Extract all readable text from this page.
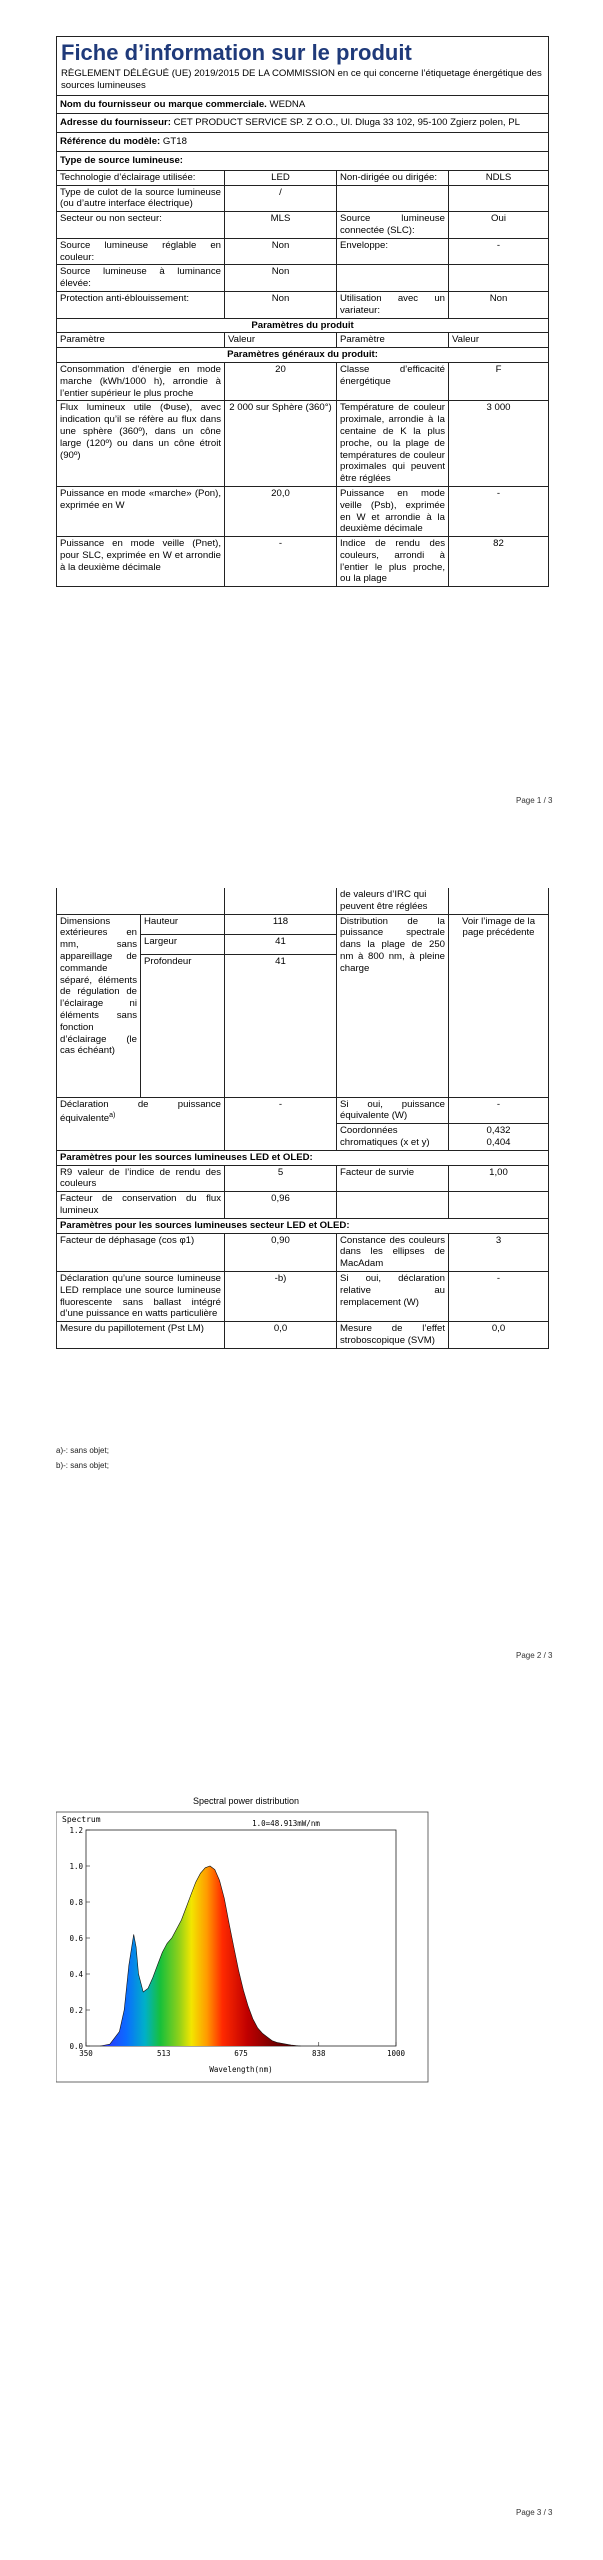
Fiche d’information sur le produit
RÈGLEMENT DÉLÉGUÉ (UE) 2019/2015 DE LA COMMISSION en ce qui concerne l’étiquetage énergétique des sources lumineuses			

Nom du fournisseur ou marque commerciale. WEDNA			
Adresse du fournisseur: CET PRODUCT SERVICE SP. Z O.O., Ul. Dluga 33 102, 95-100 Zgierz polen, PL			
Référence du modèle: GT18			
Type de source lumineuse:			
Technologie d’éclairage utilisée:	LED	Non-dirigée ou dirigée:	NDLS
Type de culot de la source lumineuse (ou d’autre interface électrique)	/		
Secteur ou non secteur:	MLS	Source lumineuse connectée (SLC):	Oui
Source lumineuse réglable en couleur:	Non	Enveloppe:	-
Source lumineuse à luminance élevée:	Non		
Protection anti-éblouissement:	Non	Utilisation avec un variateur:	Non
Paramètres du produit			
Paramètre	Valeur	Paramètre	Valeur
Paramètres généraux du produit:			
Consommation d’énergie en mode marche (kWh/1000 h), arrondie à l’entier supérieur le plus proche	20	Classe d’efficacité énergétique	F
Flux lumineux utile (Φuse), avec indication qu’il se réfère au flux dans une sphère (360º), dans un cône large (120º) ou dans un cône étroit (90º)	2 000 sur Sphère (360°)	Température de couleur proximale, arrondie à la centaine de K la plus proche, ou la plage de températures de couleur proximales qui peuvent être réglées	3 000
Puissance en mode «marche» (Pon), exprimée en W	20,0	Puissance en mode veille (Psb), exprimée en W et arrondie à la deuxième décimale	-
Puissance en mode veille (Pnet), pour SLC, exprimée en W et arrondie à la deuxième décimale	-	Indice de rendu des couleurs, arrondi à l’entier le plus proche, ou la plage	82
Page 1 / 3
			de valeurs d’IRC qui peuvent être réglées	
Dimensions extérieures en mm, sans appareillage de commande séparé, éléments de régulation de l’éclairage ni éléments sans fonction d’éclairage (le cas échéant)	Hauteur	118	Distribution de la puissance spectrale dans la plage de 250 nm à 800 nm, à pleine charge	Voir l’image de la page précédente
	Largeur	41		
	Profondeur	41		
Déclaration de puissance équivalente$^{a)}$		-	Si oui, puissance équivalente (W)	-
			Coordonnées chromatiques (x et y)	0,432
0,404

Paramètres pour les sources lumineuses LED et OLED:				
R9 valeur de l’indice de rendu des couleurs		5	Facteur de survie	1,00
Facteur de conservation du flux lumineux		0,96		
Paramètres pour les sources lumineuses secteur LED et OLED:				
Facteur de déphasage (cos φ1)		0,90	Constance des couleurs dans les ellipses de MacAdam	3
Déclaration qu’une source lumineuse LED remplace une source lumineuse fluorescente sans ballast intégré d’une puissance en watts particulière		-b)	Si oui, déclaration relative au remplacement (W)	-
Mesure du papillotement (Pst LM)		0,0	Mesure de l’effet stroboscopique (SVM)	0,0
a)-: sans objet;
b)-: sans objet;
Page 2 / 3
Spectral power distribution
Spectrum	1.0=48.913mW/nm
Wavelength(nm)
0.0
0.2
0.4
0.6
0.8
1.0
1.2
350	513	675	838	1000
Page 3 / 3
